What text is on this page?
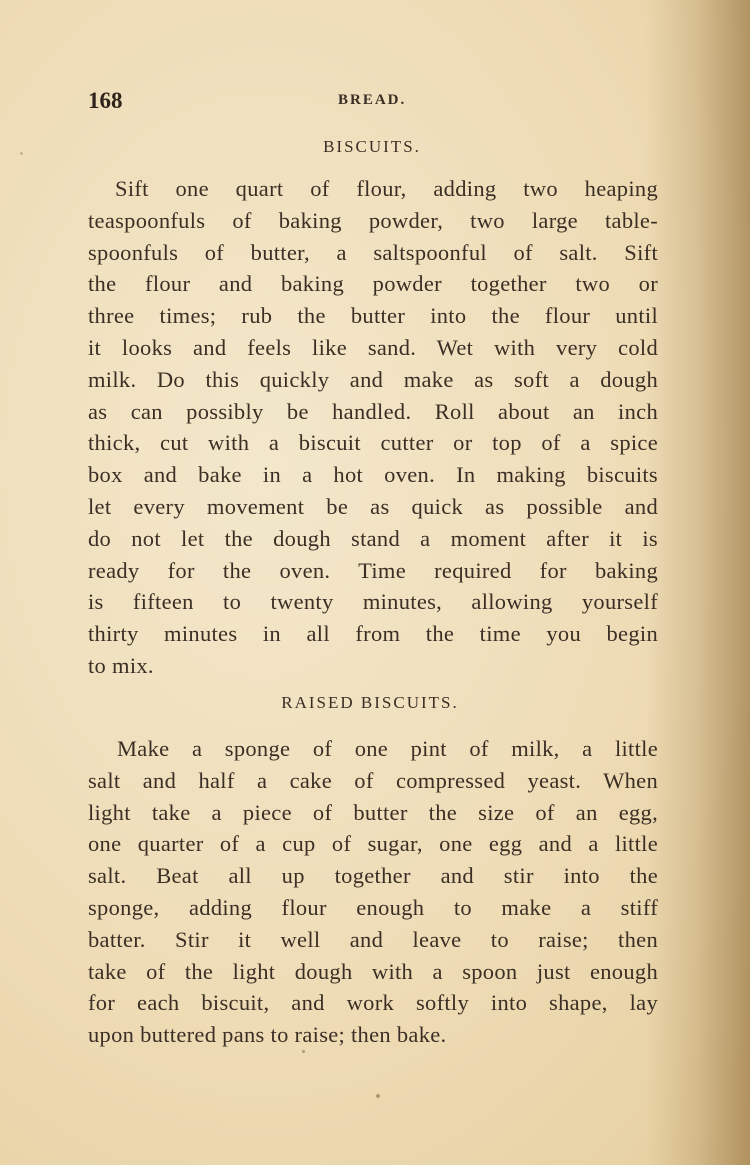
168	BREAD.
BISCUITS.
Sift one quart of flour, adding two heaping
teaspoonfuls of baking powder, two large table-
spoonfuls of butter, a saltspoonful of salt. Sift
the flour and baking powder together two or
three times; rub the butter into the flour until
it looks and feels like sand. Wet with very cold
milk. Do this quickly and make as soft a dough
as can possibly be handled. Roll about an inch
thick, cut with a biscuit cutter or top of a spice
box and bake in a hot oven. In making biscuits
let every movement be as quick as possible and
do not let the dough stand a moment after it is
ready for the oven. Time required for baking
is fifteen to twenty minutes, allowing yourself
thirty minutes in all from the time you begin
to mix.
RAISED BISCUITS.
Make a sponge of one pint of milk, a little
salt and half a cake of compressed yeast. When
light take a piece of butter the size of an egg,
one quarter of a cup of sugar, one egg and a little
salt. Beat all up together and stir into the
sponge, adding flour enough to make a stiff
batter. Stir it well and leave to raise; then
take of the light dough with a spoon just enough
for each biscuit, and work softly into shape, lay
upon buttered pans to raise; then bake.
